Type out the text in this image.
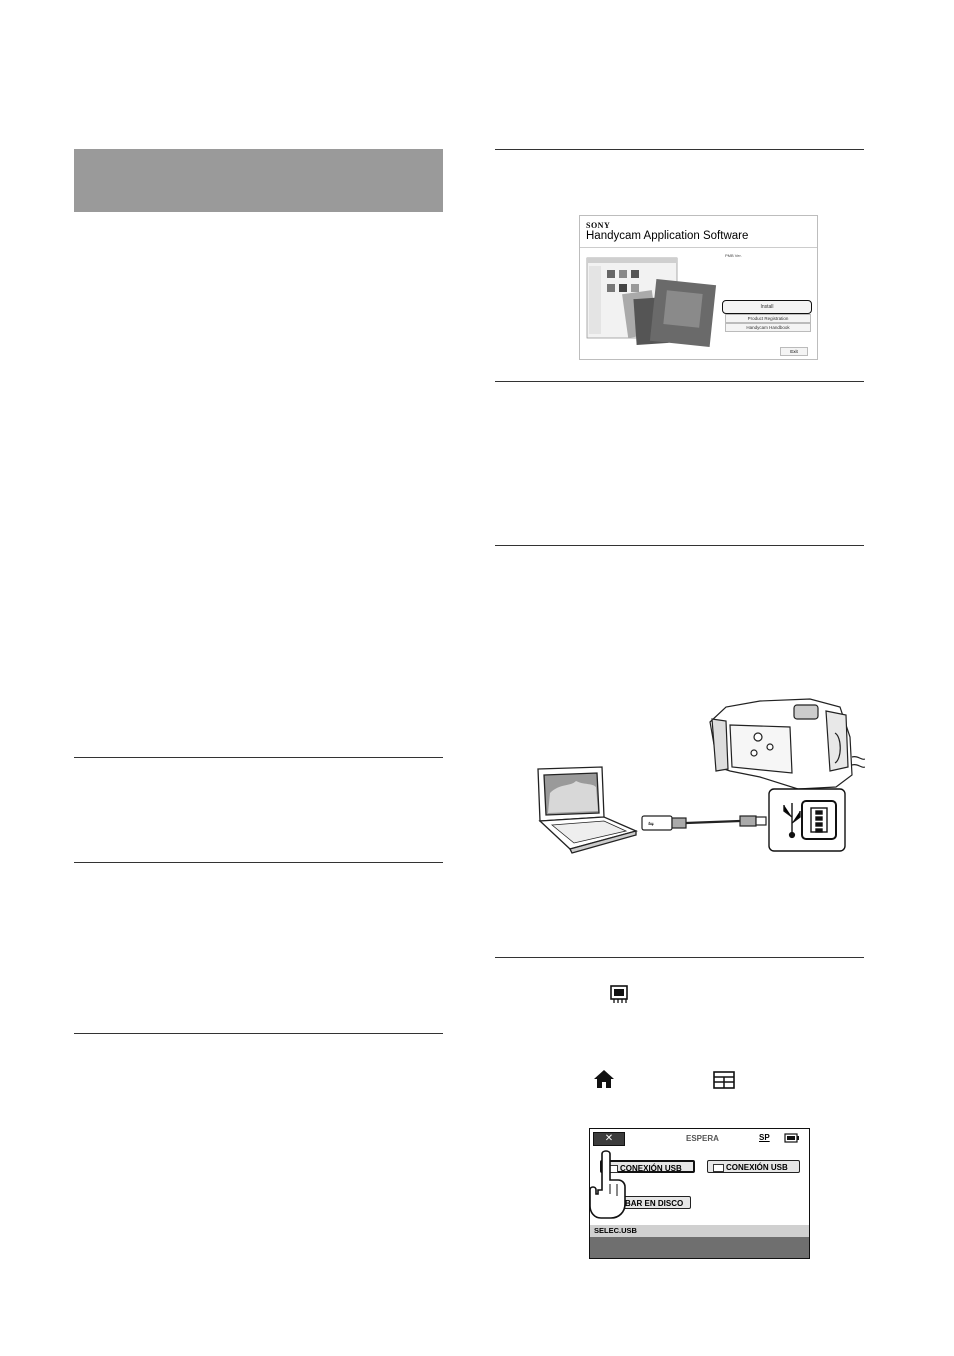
SONY
Handycam Application Software
PMB Ver.
Install
Product Registration
Handycam Handbook
Exit
⇋
✕	ESPERA	SP
CONEXIÓN USB	CONEXIÓN USB
BAR EN DISCO
SELEC.USB
